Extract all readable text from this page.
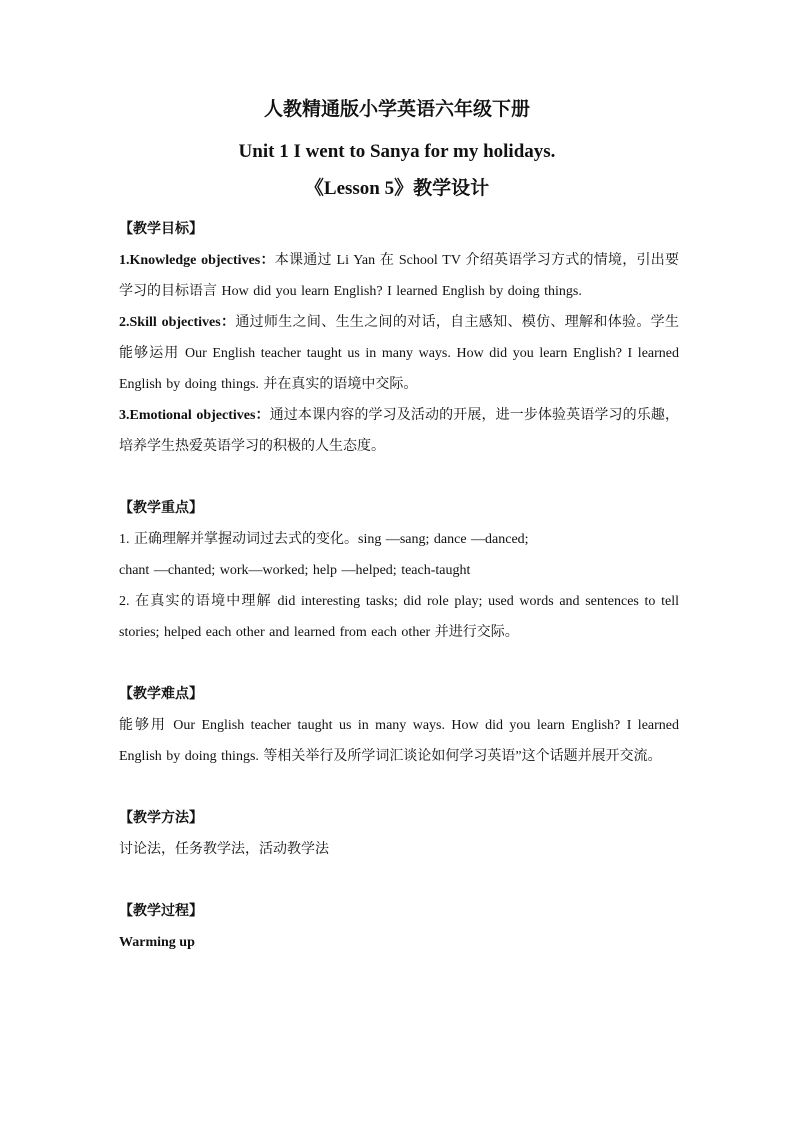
人教精通版小学英语六年级下册
Unit 1 I went to Sanya for my holidays.
《Lesson 5》教学设计
【教学目标】

1.Knowledge objectives：本课通过 Li Yan 在 School TV 介绍英语学习方式的情境，引出要学习的目标语言 How did you learn English? I learned English by doing things.

2.Skill objectives：通过师生之间、生生之间的对话，自主感知、模仿、理解和体验。学生能够运用 Our English teacher taught us in many ways. How did you learn English? I learned English by doing things. 并在真实的语境中交际。

3.Emotional objectives：通过本课内容的学习及活动的开展，进一步体验英语学习的乐趣，培养学生热爱英语学习的积极的人生态度。

【教学重点】

1. 正确理解并掌握动词过去式的变化。sing —sang; dance —danced;

chant —chanted; work—worked; help —helped; teach-taught

2. 在真实的语境中理解 did interesting tasks; did role play; used words and sentences to tell stories; helped each other and learned from each other 并进行交际。

【教学难点】

能够用 Our English teacher taught us in many ways. How did you learn English? I learned English by doing things. 等相关举行及所学词汇谈论如何学习英语”这个话题并展开交流。

【教学方法】

讨论法，任务教学法，活动教学法

【教学过程】
Warming up
